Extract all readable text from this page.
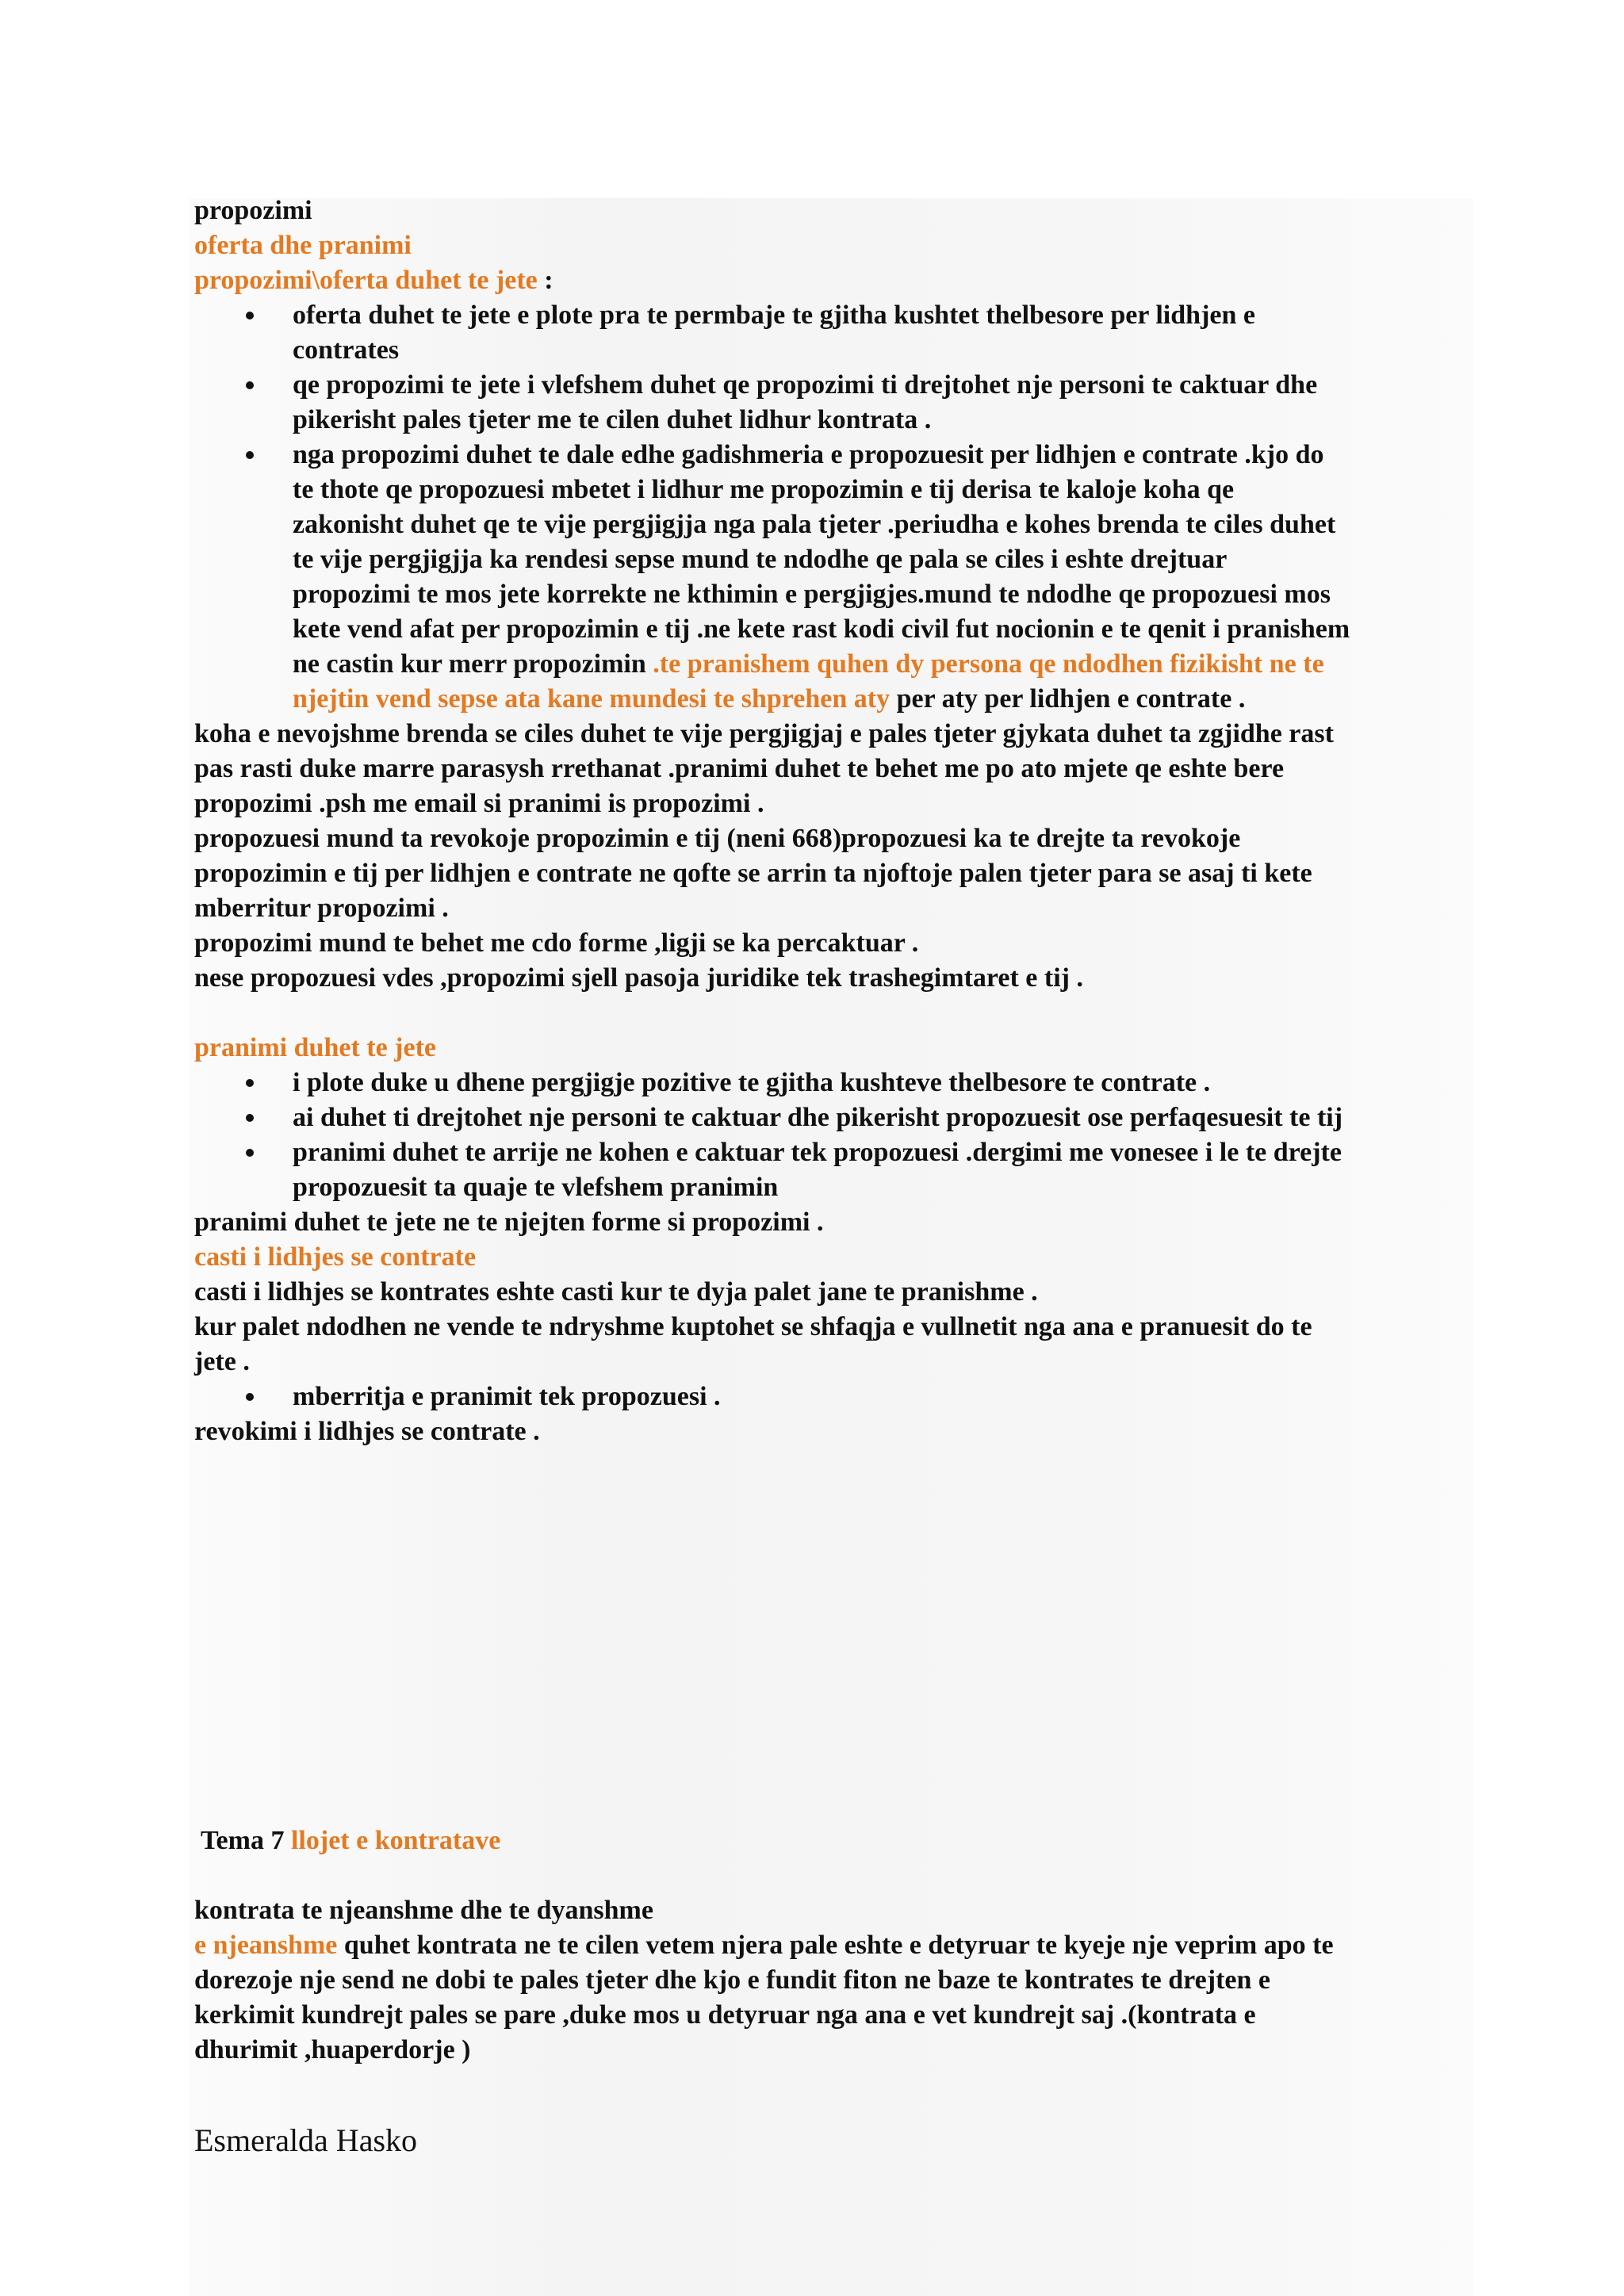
propozimi
oferta dhe pranimi
propozimi\oferta duhet te jete :
oferta duhet te jete e plote pra te permbaje te gjitha kushtet thelbesore per lidhjen e
contrates
qe propozimi te jete i vlefshem duhet qe propozimi ti drejtohet nje personi te caktuar dhe
pikerisht pales tjeter me te cilen duhet lidhur kontrata .
nga propozimi duhet te dale edhe gadishmeria e propozuesit per lidhjen e contrate .kjo do
te thote qe propozuesi mbetet i lidhur me propozimin e tij derisa te kaloje koha qe
zakonisht duhet qe te vije pergjigjja nga pala tjeter .periudha e kohes brenda te ciles duhet
te vije pergjigjja ka rendesi sepse mund te ndodhe qe pala se ciles i eshte drejtuar
propozimi te mos jete korrekte ne kthimin e pergjigjes.mund te ndodhe qe propozuesi mos
kete vend afat per propozimin e tij .ne kete rast kodi civil fut nocionin e te qenit i pranishem
ne castin kur merr propozimin .te pranishem quhen dy persona qe ndodhen fizikisht ne te
njejtin vend sepse ata kane mundesi te shprehen aty per aty per lidhjen e contrate .
koha e nevojshme brenda se ciles duhet te vije pergjigjaj e pales tjeter gjykata duhet ta zgjidhe rast
pas rasti duke marre parasysh rrethanat .pranimi duhet te behet me po ato mjete qe eshte bere
propozimi .psh me email si pranimi is propozimi .
propozuesi mund ta revokoje propozimin e tij (neni 668)propozuesi ka te drejte ta revokoje
propozimin e tij per lidhjen e contrate ne qofte se arrin ta njoftoje palen tjeter para se asaj ti kete
mberritur propozimi .
propozimi mund te behet me cdo forme ,ligji se ka percaktuar .
nese propozuesi vdes ,propozimi sjell pasoja juridike tek trashegimtaret e tij .
pranimi duhet te jete
i plote duke u dhene pergjigje pozitive te gjitha kushteve thelbesore te contrate .
ai duhet ti drejtohet nje personi te caktuar dhe pikerisht propozuesit ose perfaqesuesit te tij
pranimi duhet te arrije ne kohen e caktuar tek propozuesi .dergimi me vonesee i le te drejte
propozuesit ta quaje te vlefshem pranimin
pranimi duhet te jete ne te njejten forme si propozimi .
casti i lidhjes se contrate
casti i lidhjes se kontrates eshte casti kur te dyja palet jane te pranishme .
kur palet ndodhen ne vende te ndryshme kuptohet se shfaqja e vullnetit nga ana e pranuesit do te
jete .
mberritja e pranimit tek propozuesi .
revokimi i lidhjes se contrate .
Tema 7 llojet e kontratave
kontrata te njeanshme dhe te dyanshme
e njeanshme quhet kontrata ne te cilen vetem njera pale eshte e detyruar te kyeje nje veprim apo te
dorezoje nje send ne dobi te pales tjeter dhe kjo e fundit fiton ne baze te kontrates te drejten e
kerkimit kundrejt pales se pare ,duke mos u detyruar nga ana e vet kundrejt saj .(kontrata e
dhurimit ,huaperdorje )
Esmeralda Hasko
